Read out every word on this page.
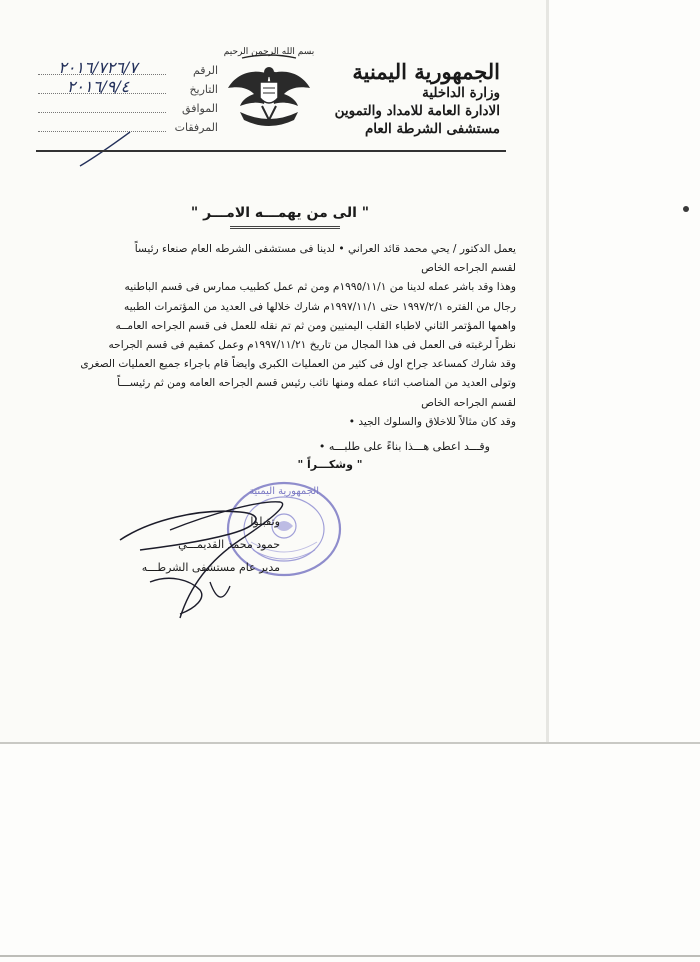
الجمهورية اليمنية
وزارة الداخلية
الادارة العامة للامداد والتموين
مستشفى الشرطة العام
بسم الله الرحمن الرحيم
الرقم
٢٠١٦/٧٢٦/٧
التاريخ
٢٠١٦/٩/٤
الموافق
المرفقات
" الى من يهمـــه الامـــر "

يعمل الدكتور / يحي محمد قائد العراني • لدينا فى مستشفى الشرطه العام صنعاء رئيساً

لقسم الجراحه الخاص

وهذا وقد باشر عمله لدينا من ١٩٩٥/١١/١م ومن ثم عمل كطبيب ممارس فى قسم الباطنيه

رجال من الفتره ١٩٩٧/٢/١ حتى ١٩٩٧/١١/١م شارك خلالها فى العديد من المؤتمرات الطبيه

واهمها المؤتمر الثاني لاطباء القلب اليمنيين ومن ثم تم نقله للعمل فى قسم الجراحه العامــه

نظراً لرغبته فى العمل فى هذا المجال من تاريخ ١٩٩٧/١١/٢١م وعمل كمقيم فى قسم الجراحه

وقد شارك كمساعد جراح اول فى كثير من العمليات الكبرى وايضاً قام باجراء جميع العمليات الصغرى

وتولى العديد من المناصب اثناء عمله ومنها نائب رئيس قسم الجراحه العامه ومن ثم رئيســـاً

لقسم الجراحه الخاص

وقد كان مثالاً للاخلاق والسلوك الجيد •

وقـــد اعطى هـــذا بناءً على طلبـــه •
" وشكـــراً "
الجمهورية اليمنية
وتقبلوا
حمود محمد القديمـــي
مدير عام مستشفى الشرطـــه
